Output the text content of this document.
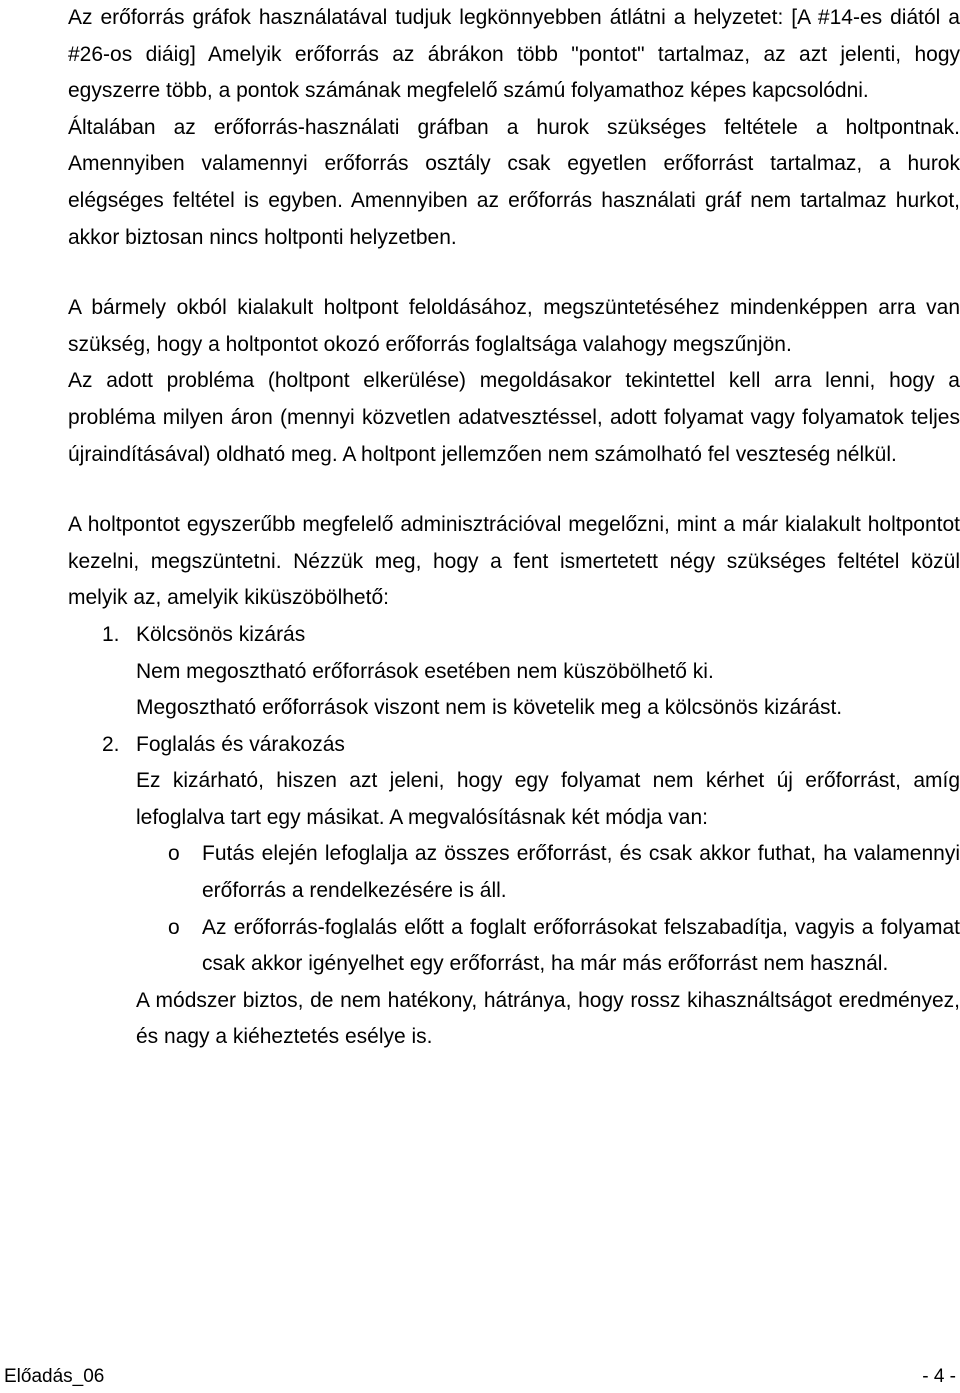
Az erőforrás gráfok használatával tudjuk legkönnyebben átlátni a helyzetet: [A #14-es diától a #26-os diáig] Amelyik erőforrás az ábrákon több "pontot" tartalmaz, az azt jelenti, hogy egyszerre több, a pontok számának megfelelő számú folyamathoz képes kapcsolódni.
Általában az erőforrás-használati gráfban a hurok szükséges feltétele a holtpontnak. Amennyiben valamennyi erőforrás osztály csak egyetlen erőforrást tartalmaz, a hurok elégséges feltétel is egyben. Amennyiben az erőforrás használati gráf nem tartalmaz hurkot, akkor biztosan nincs holtponti helyzetben.
A bármely okból kialakult holtpont feloldásához, megszüntetéséhez mindenképpen arra van szükség, hogy a holtpontot okozó erőforrás foglaltsága valahogy megszűnjön.
Az adott probléma (holtpont elkerülése) megoldásakor tekintettel kell arra lenni, hogy a probléma milyen áron (mennyi közvetlen adatvesztéssel, adott folyamat vagy folyamatok teljes újraindításával) oldható meg. A holtpont jellemzően nem számolható fel veszteség nélkül.
A holtpontot egyszerűbb megfelelő adminisztrációval megelőzni, mint a már kialakult holtpontot kezelni, megszüntetni. Nézzük meg, hogy a fent ismertetett négy szükséges feltétel közül melyik az, amelyik kiküszöbölhető:
1. Kölcsönös kizárás
Nem megosztható erőforrások esetében nem küszöbölhető ki.
Megosztható erőforrások viszont nem is követelik meg a kölcsönös kizárást.
2. Foglalás és várakozás
Ez kizárható, hiszen azt jeleni, hogy egy folyamat nem kérhet új erőforrást, amíg lefoglalva tart egy másikat. A megvalósításnak két módja van:
o	Futás elején lefoglalja az összes erőforrást, és csak akkor futhat, ha valamennyi erőforrás a rendelkezésére is áll.
o	Az erőforrás-foglalás előtt a foglalt erőforrásokat felszabadítja, vagyis a folyamat csak akkor igényelhet egy erőforrást, ha már más erőforrást nem használ.
A módszer biztos, de nem hatékony, hátránya, hogy rossz kihasználtságot eredményez, és nagy a kiéheztetés esélye is.
Előadás_06	- 4 -
